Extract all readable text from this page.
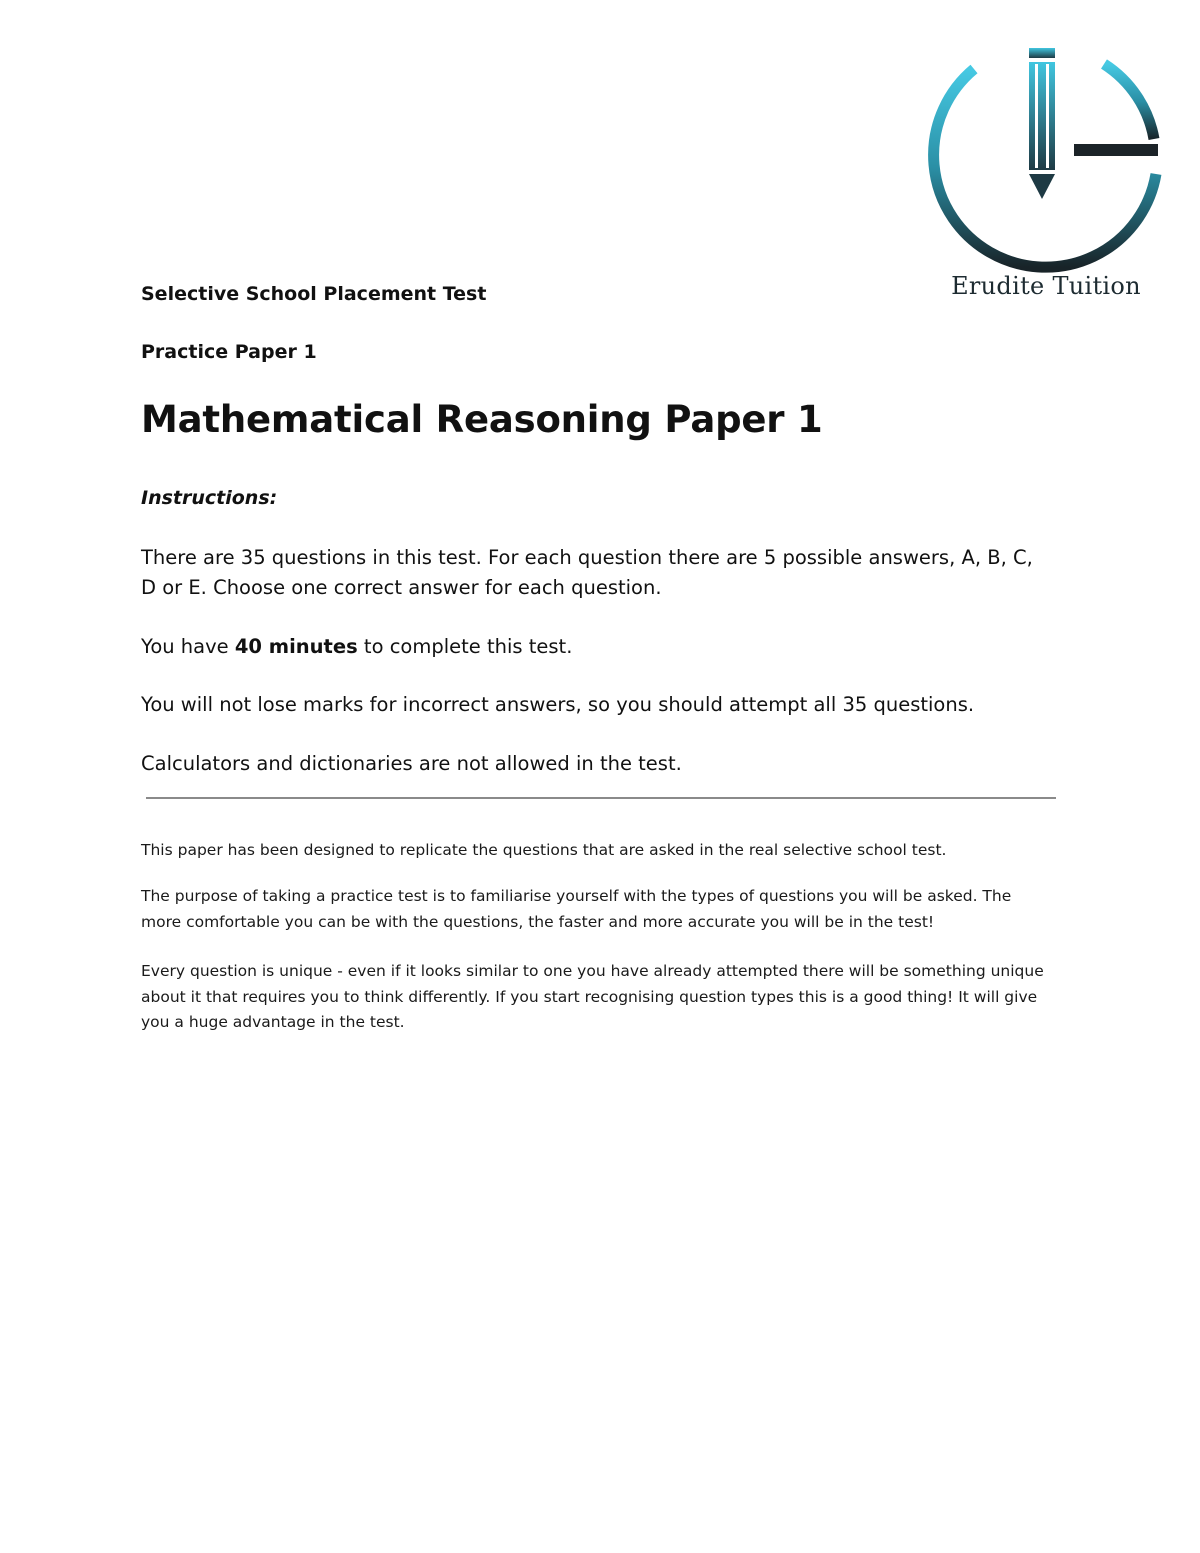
Erudite Tuition
Selective School Placement Test
Practice Paper 1
Mathematical Reasoning Paper 1
Instructions:
There are 35 questions in this test. For each question there are 5 possible answers, A, B, C, D or E. Choose one correct answer for each question.
You have 40 minutes to complete this test.
You will not lose marks for incorrect answers, so you should attempt all 35 questions.
Calculators and dictionaries are not allowed in the test.
This paper has been designed to replicate the questions that are asked in the real selective school test.
The purpose of taking a practice test is to familiarise yourself with the types of questions you will be asked. The more comfortable you can be with the questions, the faster and more accurate you will be in the test!
Every question is unique - even if it looks similar to one you have already attempted there will be something unique about it that requires you to think differently. If you start recognising question types this is a good thing! It will give you a huge advantage in the test.
